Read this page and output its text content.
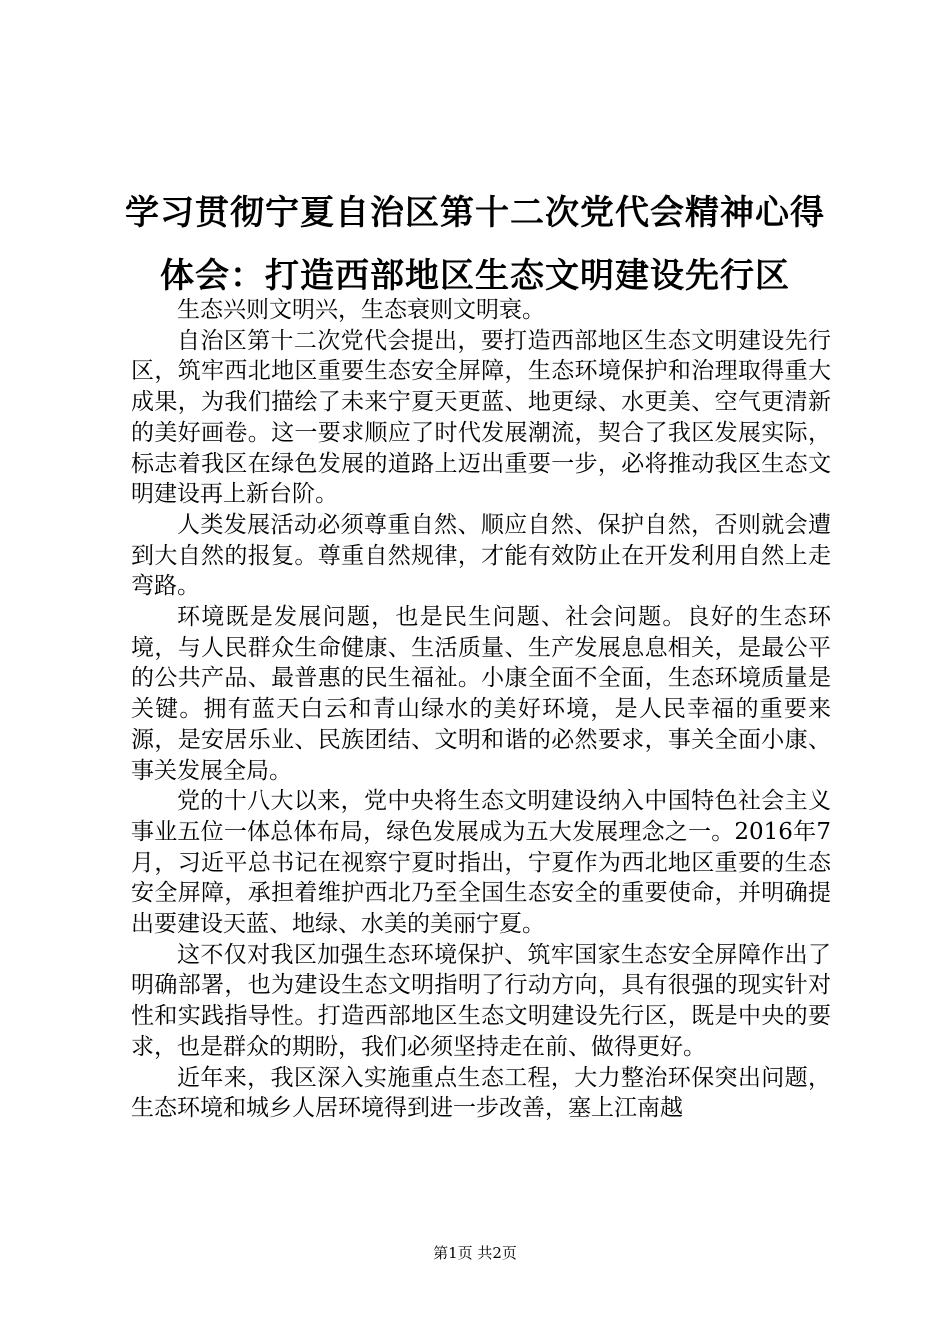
学习贯彻宁夏自治区第十二次党代会精神心得
体会：打造西部地区生态文明建设先行区

生态兴则文明兴，生态衰则文明衰。

自治区第十二次党代会提出，要打造西部地区生态文明建设先行区，筑牢西北地区重要生态安全屏障，生态环境保护和治理取得重大成果，为我们描绘了未来宁夏天更蓝、地更绿、水更美、空气更清新的美好画卷。这一要求顺应了时代发展潮流，契合了我区发展实际，标志着我区在绿色发展的道路上迈出重要一步，必将推动我区生态文明建设再上新台阶。

人类发展活动必须尊重自然、顺应自然、保护自然，否则就会遭到大自然的报复。尊重自然规律，才能有效防止在开发利用自然上走弯路。

环境既是发展问题，也是民生问题、社会问题。良好的生态环境，与人民群众生命健康、生活质量、生产发展息息相关，是最公平的公共产品、最普惠的民生福祉。小康全面不全面，生态环境质量是关键。拥有蓝天白云和青山绿水的美好环境，是人民幸福的重要来源，是安居乐业、民族团结、文明和谐的必然要求，事关全面小康、事关发展全局。

党的十八大以来，党中央将生态文明建设纳入中国特色社会主义事业五位一体总体布局，绿色发展成为五大发展理念之一。2016年7月，习近平总书记在视察宁夏时指出，宁夏作为西北地区重要的生态安全屏障，承担着维护西北乃至全国生态安全的重要使命，并明确提出要建设天蓝、地绿、水美的美丽宁夏。

这不仅对我区加强生态环境保护、筑牢国家生态安全屏障作出了明确部署，也为建设生态文明指明了行动方向，具有很强的现实针对性和实践指导性。打造西部地区生态文明建设先行区，既是中央的要求，也是群众的期盼，我们必须坚持走在前、做得更好。

近年来，我区深入实施重点生态工程，大力整治环保突出问题，生态环境和城乡人居环境得到进一步改善，塞上江南越

第1页 共2页
